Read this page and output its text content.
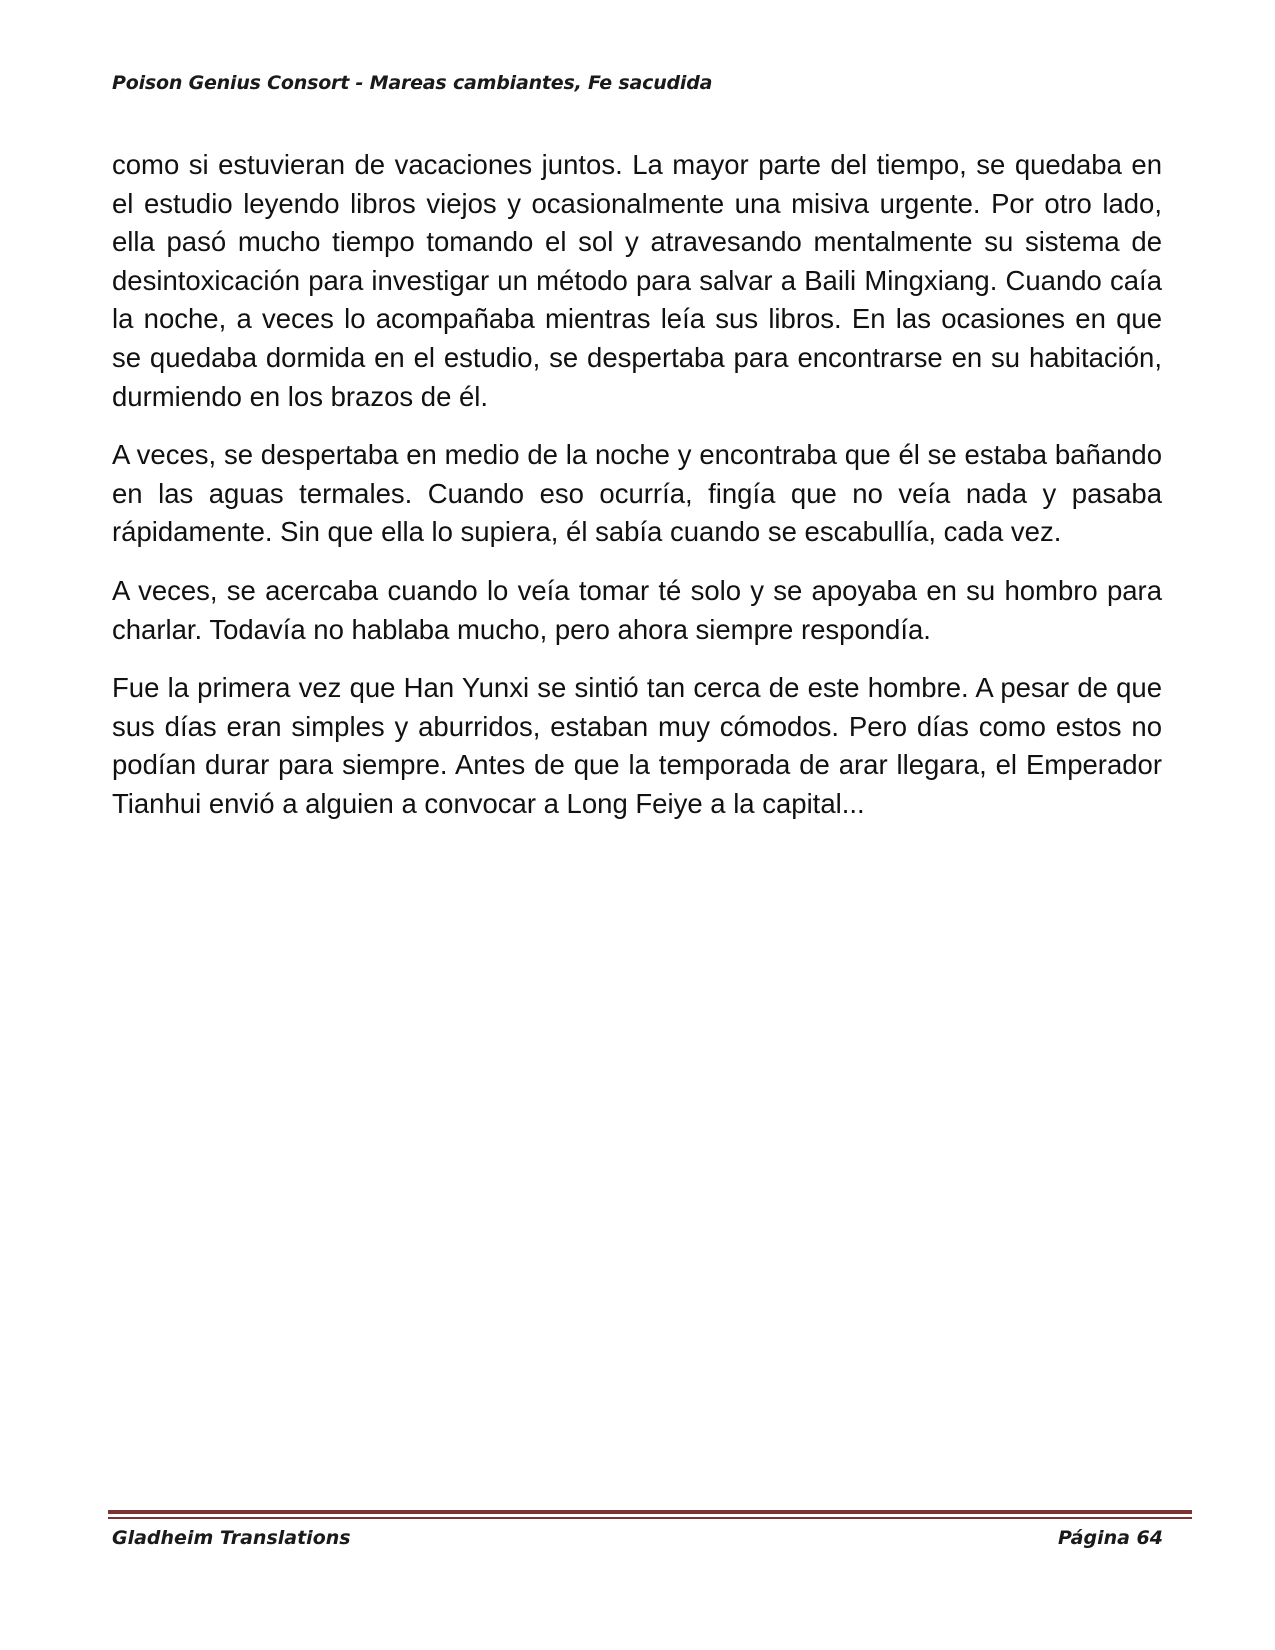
Poison Genius Consort - Mareas cambiantes, Fe sacudida

como si estuvieran de vacaciones juntos. La mayor parte del tiempo, se quedaba en el estudio leyendo libros viejos y ocasionalmente una misiva urgente. Por otro lado, ella pasó mucho tiempo tomando el sol y atravesando mentalmente su sistema de desintoxicación para investigar un método para salvar a Baili Mingxiang. Cuando caía la noche, a veces lo acompañaba mientras leía sus libros. En las ocasiones en que se quedaba dormida en el estudio, se despertaba para encontrarse en su habitación, durmiendo en los brazos de él.

A veces, se despertaba en medio de la noche y encontraba que él se estaba bañando en las aguas termales. Cuando eso ocurría, fingía que no veía nada y pasaba rápidamente. Sin que ella lo supiera, él sabía cuando se escabullía, cada vez.

A veces, se acercaba cuando lo veía tomar té solo y se apoyaba en su hombro para charlar. Todavía no hablaba mucho, pero ahora siempre respondía.

Fue la primera vez que Han Yunxi se sintió tan cerca de este hombre. A pesar de que sus días eran simples y aburridos, estaban muy cómodos. Pero días como estos no podían durar para siempre. Antes de que la temporada de arar llegara, el Emperador Tianhui envió a alguien a convocar a Long Feiye a la capital...

Gladheim Translations	Página 64
